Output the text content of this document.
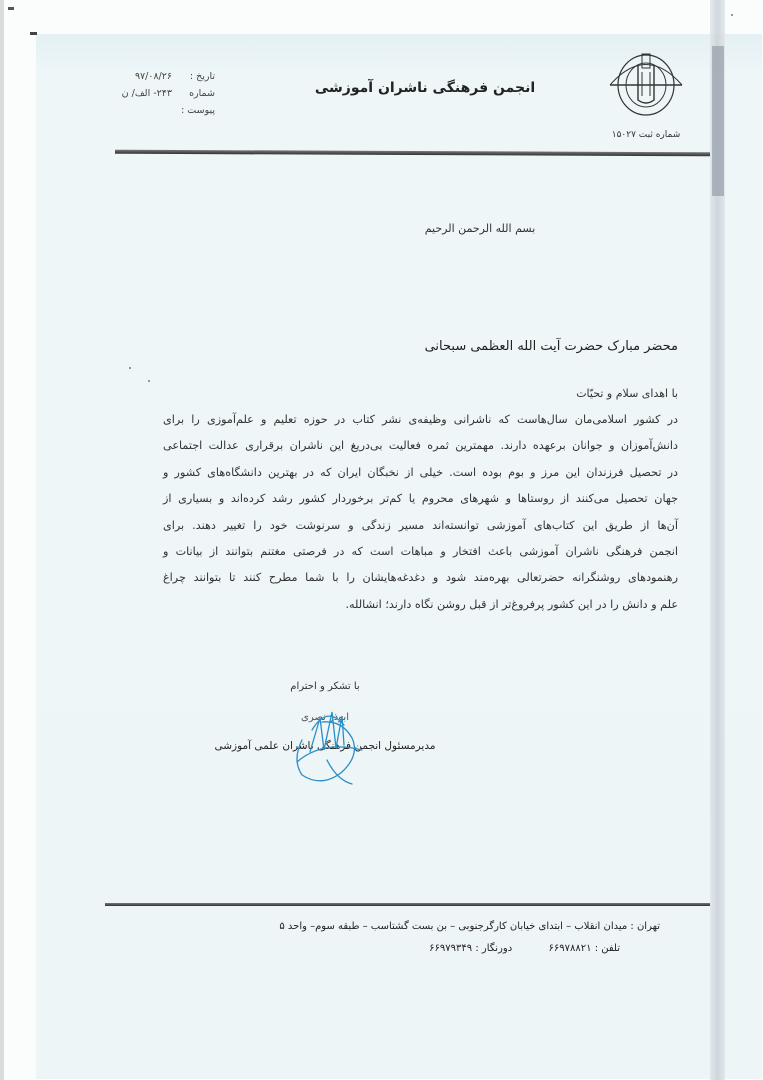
شماره ثبت ۱۵۰۲۷
انجمن فرهنگی ناشران آموزشی
تاریخ : ۹۷/۰۸/۲۶
شماره ۲۴۳- الف/ ن
پیوست :
بسم الله الرحمن الرحیم
محضر مبارک حضرت آیت الله العظمی سبحانی
با اهدای سلام و تحیّات
در کشور اسلامی‌مان سال‌هاست که ناشرانی وظیفه‌ی نشر کتاب در حوزه‌ تعلیم و علم‌آموزی را برای
دانش‌آموزان و جوانان برعهده دارند. مهمترین ثمره فعالیت بی‌دریغ این ناشران برقراری عدالت اجتماعی
در تحصیل فرزندان این مرز و بوم بوده است. خیلی از نخبگان ایران که در بهترین دانشگاه‌های کشور و
جهان تحصیل می‌کنند از روستاها و شهرهای محروم یا کم‌تر برخوردار کشور رشد کرده‌اند و بسیاری از
آن‌ها از طریق این کتاب‌های آموزشی توانسته‌اند مسیر زندگی و سرنوشت خود را تغییر دهند. برای
انجمن فرهنگی ناشران آموزشی باعث افتخار و مباهات است که در فرصتی مغتنم بتوانند از بیانات و
رهنمودهای روشنگرانه حضرتعالی بهره‌مند شود و دغدغه‌هایشان را با شما مطرح کنند تا بتوانند چراغ
علم و دانش را در این کشور پرفروغ‌تر از قبل روشن نگاه دارند؛ انشالله.
با تشکر و احترام
ابوذر نصری
مدیرمسئول انجمن فرهنگی ناشران علمی آموزشی
تهران : میدان انقلاب – ابتدای خیابان کارگرجنوبی – بن بست گشتاسب – طبقه سوم– واحد ۵
تلفن : ۶۶۹۷۸۸۲۱  دورنگار : ۶۶۹۷۹۳۴۹
